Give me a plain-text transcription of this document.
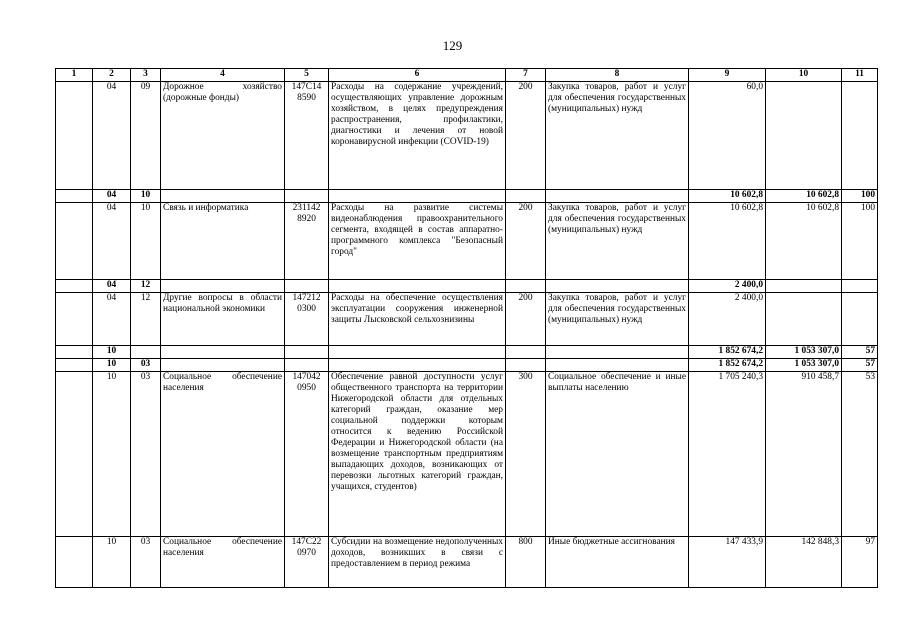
129
1	2	3	4	5	6	7	8	9	10	11
	04	09	Дорожное хозяйство (дорожные фонды)	147С14 8590	Расходы на содержание учреждений, осуществляющих управление дорожным хозяйством, в целях предупреждения распространения, профилактики, диагностики и лечения от новой коронавирусной инфекции (COVID-19)	200	Закупка товаров, работ и услуг для обеспечения государственных (муниципальных) нужд	60,0		
	04	10						10 602,8	10 602,8	100
	04	10	Связь и информатика	231142 8920	Расходы на развитие системы видеонаблюдения правоохранительного сегмента, входящей в состав аппаратно-программного комплекса "Безопасный город"	200	Закупка товаров, работ и услуг для обеспечения государственных (муниципальных) нужд	10 602,8	10 602,8	100
	04	12						2 400,0		
	04	12	Другие вопросы в области национальной экономики	147212 0300	Расходы на обеспечение осуществления эксплуатации сооружения инженерной защиты Лысковской сельхознизины	200	Закупка товаров, работ и услуг для обеспечения государственных (муниципальных) нужд	2 400,0		
	10							1 852 674,2	1 053 307,0	57
	10	03						1 852 674,2	1 053 307,0	57
	10	03	Социальное обеспечение населения	147042 0950	Обеспечение равной доступности услуг общественного транспорта на территории Нижегородской области для отдельных категорий граждан, оказание мер социальной поддержки которым относится к ведению Российской Федерации и Нижегородской области (на возмещение транспортным предприятиям выпадающих доходов, возникающих от перевозки льготных категорий граждан, учащихся, студентов)	300	Социальное обеспечение и иные выплаты населению	1 705 240,3	910 458,7	53
	10	03	Социальное обеспечение населения	147С22 0970	Субсидии на возмещение недополученных доходов, возникших в связи с предоставлением в период режима	800	Иные бюджетные ассигнования	147 433,9	142 848,3	97
